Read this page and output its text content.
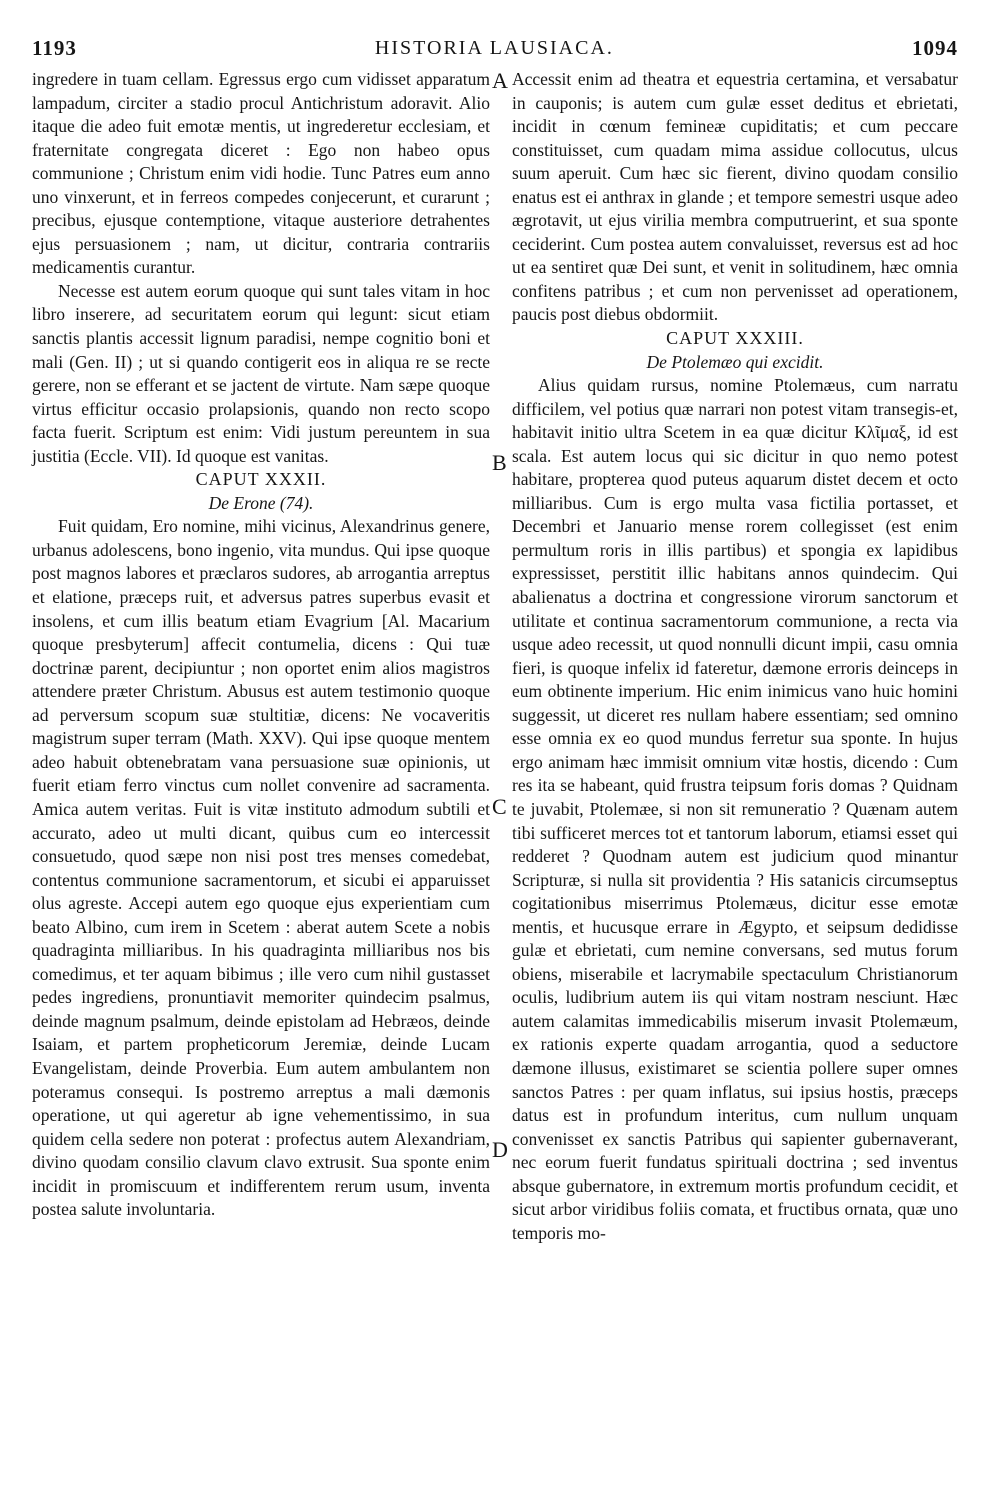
1193	HISTORIA LAUSIACA.	1094
A
B
C
D

ingredere in tuam cellam. Egressus ergo cum vidisset apparatum lampadum, circiter a stadio procul Antichristum adoravit. Alio itaque die adeo fuit emotæ mentis, ut ingrederetur ecclesiam, et fraternitate congregata diceret : Ego non habeo opus communione ; Christum enim vidi hodie. Tunc Patres eum anno uno vinxerunt, et in ferreos compedes conjecerunt, et curarunt ; precibus, ejusque contemptione, vitaque austeriore detrahentes ejus persuasionem ; nam, ut dicitur, contraria contrariis medicamentis curantur.

Necesse est autem eorum quoque qui sunt tales vitam in hoc libro inserere, ad securitatem eorum qui legunt: sicut etiam sanctis plantis accessit lignum paradisi, nempe cognitio boni et mali (Gen. II) ; ut si quando contigerit eos in aliqua re se recte gerere, non se efferant et se jactent de virtute. Nam sæpe quoque virtus efficitur occasio prolapsionis, quando non recto scopo facta fuerit. Scriptum est enim: Vidi justum pereuntem in sua justitia (Eccle. VII). Id quoque est vanitas.

CAPUT XXXII.

De Erone (74).

Fuit quidam, Ero nomine, mihi vicinus, Alexandrinus genere, urbanus adolescens, bono ingenio, vita mundus. Qui ipse quoque post magnos labores et præclaros sudores, ab arrogantia arreptus et elatione, præceps ruit, et adversus patres superbus evasit et insolens, et cum illis beatum etiam Evagrium [Al. Macarium quoque presbyterum] affecit contumelia, dicens : Qui tuæ doctrinæ parent, decipiuntur ; non oportet enim alios magistros attendere præter Christum. Abusus est autem testimonio quoque ad perversum scopum suæ stultitiæ, dicens: Ne vocaveritis magistrum super terram (Math. XXV). Qui ipse quoque mentem adeo habuit obtenebratam vana persuasione suæ opinionis, ut fuerit etiam ferro vinctus cum nollet convenire ad sacramenta. Amica autem veritas. Fuit is vitæ instituto admodum subtili et accurato, adeo ut multi dicant, quibus cum eo intercessit consuetudo, quod sæpe non nisi post tres menses comedebat, contentus communione sacramentorum, et sicubi ei apparuisset olus agreste. Accepi autem ego quoque ejus experientiam cum beato Albino, cum irem in Scetem : aberat autem Scete a nobis quadraginta milliaribus. In his quadraginta milliaribus nos bis comedimus, et ter aquam bibimus ; ille vero cum nihil gustasset pedes ingrediens, pronuntiavit memoriter quindecim psalmus, deinde magnum psalmum, deinde epistolam ad Hebræos, deinde Isaiam, et partem propheticorum Jeremiæ, deinde Lucam Evangelistam, deinde Proverbia. Eum autem ambulantem non poteramus consequi. Is postremo arreptus a mali dæmonis operatione, ut qui ageretur ab igne vehementissimo, in sua quidem cella sedere non poterat : profectus autem Alexandriam, divino quodam consilio clavum clavo extrusit. Sua sponte enim incidit in promiscuum et indifferentem rerum usum, inventa postea salute involuntaria.

Accessit enim ad theatra et equestria certamina, et versabatur in cauponis; is autem cum gulæ esset deditus et ebrietati, incidit in cœnum femineæ cupiditatis; et cum peccare constituisset, cum quadam mima assidue collocutus, ulcus suum aperuit. Cum hæc sic fierent, divino quodam consilio enatus est ei anthrax in glande ; et tempore semestri usque adeo ægrotavit, ut ejus virilia membra computruerint, et sua sponte ceciderint. Cum postea autem convaluisset, reversus est ad hoc ut ea sentiret quæ Dei sunt, et venit in solitudinem, hæc omnia confitens patribus ; et cum non pervenisset ad operationem, paucis post diebus obdormiit.

CAPUT XXXIII.

De Ptolemæo qui excidit.

Alius quidam rursus, nomine Ptolemæus, cum narratu difficilem, vel potius quæ narrari non potest vitam transegis-et, habitavit initio ultra Scetem in ea quæ dicitur Κλῖμαξ, id est scala. Est autem locus qui sic dicitur in quo nemo potest habitare, propterea quod puteus aquarum distet decem et octo milliaribus. Cum is ergo multa vasa fictilia portasset, et Decembri et Januario mense rorem collegisset (est enim permultum roris in illis partibus) et spongia ex lapidibus expressisset, perstitit illic habitans annos quindecim. Qui abalienatus a doctrina et congressione virorum sanctorum et utilitate et continua sacramentorum communione, a recta via usque adeo recessit, ut quod nonnulli dicunt impii, casu omnia fieri, is quoque infelix id fateretur, dæmone erroris deinceps in eum obtinente imperium. Hic enim inimicus vano huic homini suggessit, ut diceret res nullam habere essentiam; sed omnino esse omnia ex eo quod mundus ferretur sua sponte. In hujus ergo animam hæc immisit omnium vitæ hostis, dicendo : Cum res ita se habeant, quid frustra teipsum foris domas ? Quidnam te juvabit, Ptolemæe, si non sit remuneratio ? Quænam autem tibi sufficeret merces tot et tantorum laborum, etiamsi esset qui redderet ? Quodnam autem est judicium quod minantur Scripturæ, si nulla sit providentia ? His satanicis circumseptus cogitationibus miserrimus Ptolemæus, dicitur esse emotæ mentis, et hucusque errare in Ægypto, et seipsum dedidisse gulæ et ebrietati, cum nemine conversans, sed mutus forum obiens, miserabile et lacrymabile spectaculum Christianorum oculis, ludibrium autem iis qui vitam nostram nesciunt. Hæc autem calamitas immedicabilis miserum invasit Ptolemæum, ex rationis experte quadam arrogantia, quod a seductore dæmone illusus, existimaret se scientia pollere super omnes sanctos Patres : per quam inflatus, sui ipsius hostis, præceps datus est in profundum interitus, cum nullum unquam convenisset ex sanctis Patribus qui sapienter gubernaverant, nec eorum fuerit fundatus spirituali doctrina ; sed inventus absque gubernatore, in extremum mortis profundum cecidit, et sicut arbor viridibus foliis comata, et fructibus ornata, quæ uno temporis mo-
